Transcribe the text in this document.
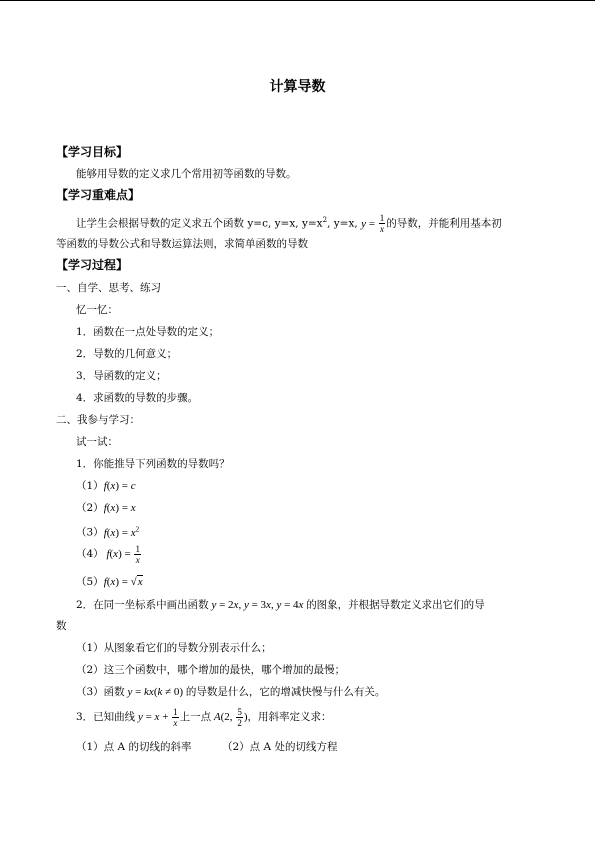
计算导数
【学习目标】
能够用导数的定义求几个常用初等函数的导数。
【学习重难点】
让学生会根据导数的定义求五个函数 y=c, y=x, $y=x^2$, y=x, $y = \frac{1}{x}$ 的导数，并能利用基本初
等函数的导数公式和导数运算法则，求简单函数的导数
【学习过程】
一、自学、思考、练习
忆一忆：
1．函数在一点处导数的定义；
2．导数的几何意义；
3．导函数的定义；
4．求函数的导数的步骤。
二、我参与学习：
试一试：
1．你能推导下列函数的导数吗？
（1）f(x) = c
（2）f(x) = x
$(3)f(x) = x^2$
（4） $f(x) = \frac{1}{x}$
（5）f(x) = √x
2．在同一坐标系中画出函数 y = 2x, y = 3x, y = 4x 的图象，并根据导数定义求出它们的导
数
（1）从图象看它们的导数分别表示什么；
（2）这三个函数中，哪个增加的最快，哪个增加的最慢；
（3）函数 y = kx(k ≠ 0) 的导数是什么，它的增减快慢与什么有关。
3．已知曲线 $y = x + \frac{1}{x}$ 上一点 A(2, $\frac{5}{2}$ )，用斜率定义求：
（1）点 A 的切线的斜率	（2）点 A 处的切线方程
